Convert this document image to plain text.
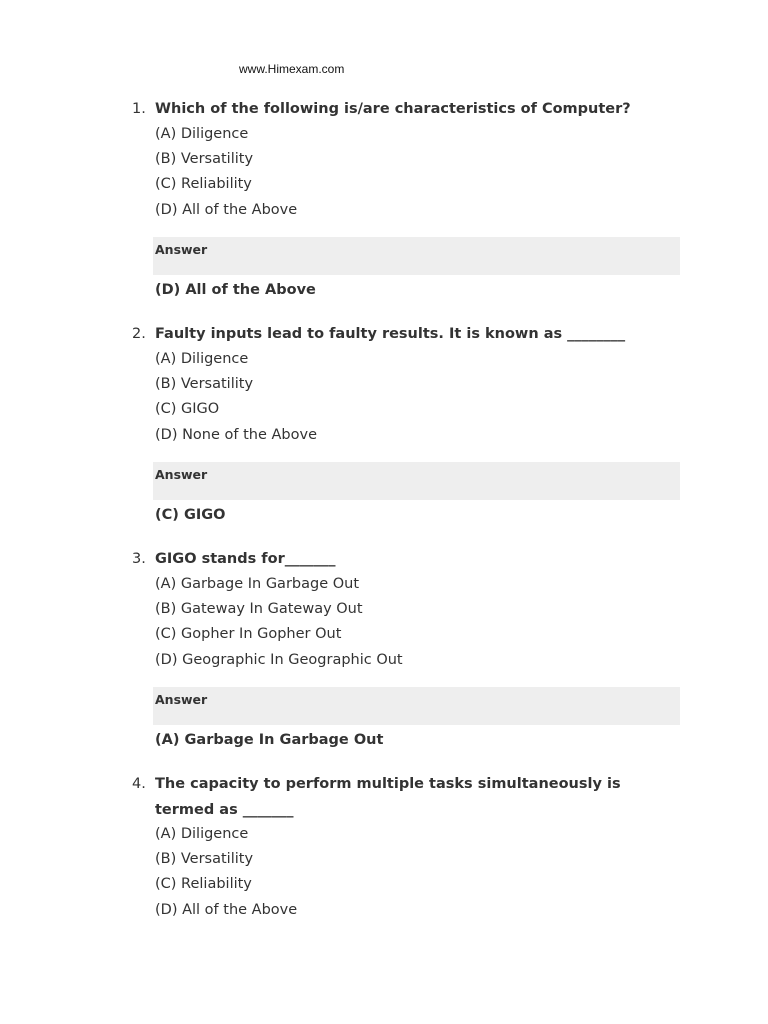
www.Himexam.com
1. Which of the following is/are characteristics of Computer?
(A) Diligence
(B) Versatility
(C) Reliability
(D) All of the Above
Answer
(D) All of the Above
2. Faulty inputs lead to faulty results. It is known as ________
(A) Diligence
(B) Versatility
(C) GIGO
(D) None of the Above
Answer
(C) GIGO
3. GIGO stands for_______
(A) Garbage In Garbage Out
(B) Gateway In Gateway Out
(C) Gopher In Gopher Out
(D) Geographic In Geographic Out
Answer
(A) Garbage In Garbage Out
4. The capacity to perform multiple tasks simultaneously is termed as _______
(A) Diligence
(B) Versatility
(C) Reliability
(D) All of the Above
